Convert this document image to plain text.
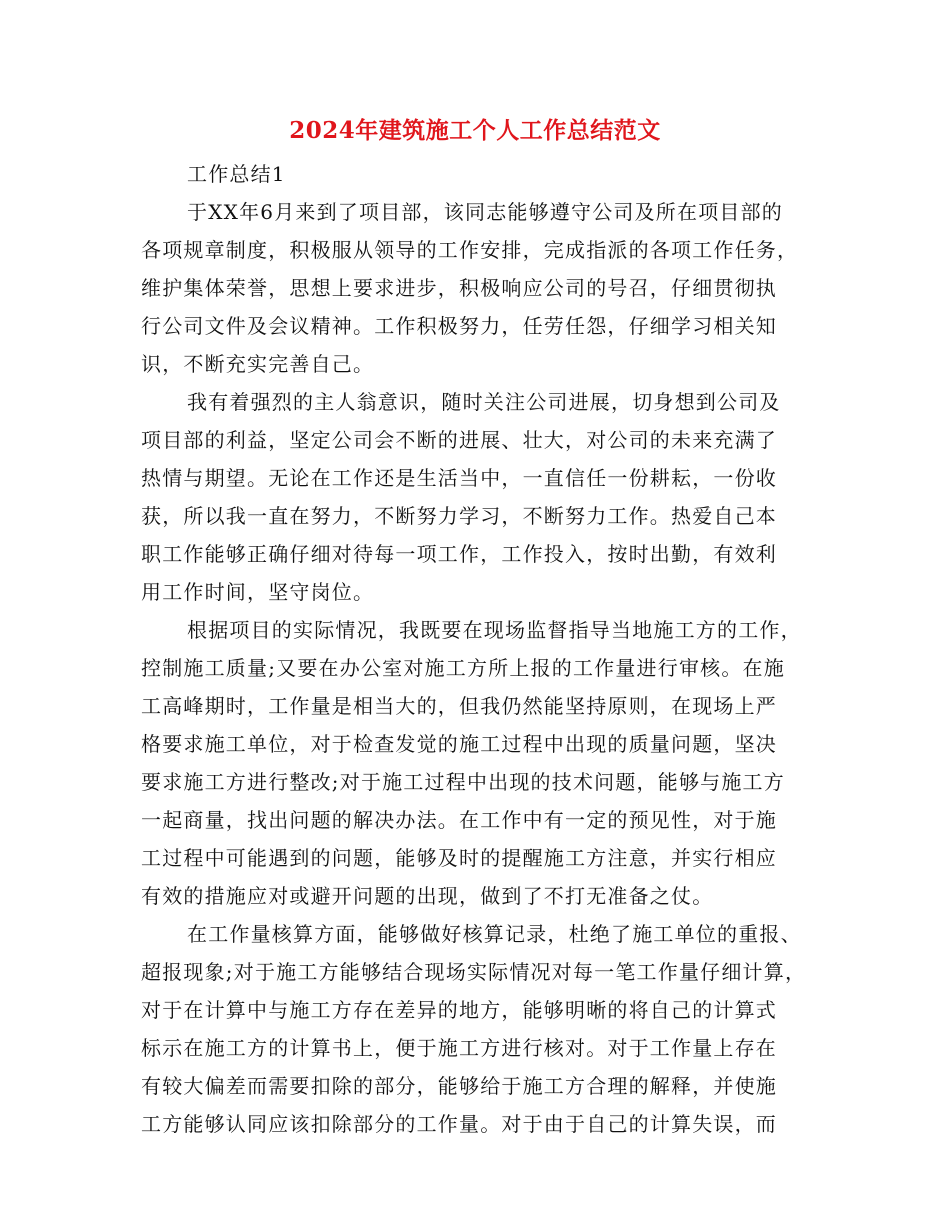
2024年建筑施工个人工作总结范文
工作总结1
于XX年6月来到了项目部，该同志能够遵守公司及所在项目部的
各项规章制度，积极服从领导的工作安排，完成指派的各项工作任务，
维护集体荣誉，思想上要求进步，积极响应公司的号召，仔细贯彻执
行公司文件及会议精神。工作积极努力，任劳任怨，仔细学习相关知
识，不断充实完善自己。
我有着强烈的主人翁意识，随时关注公司进展，切身想到公司及
项目部的利益，坚定公司会不断的进展、壮大，对公司的未来充满了
热情与期望。无论在工作还是生活当中，一直信任一份耕耘，一份收
获，所以我一直在努力，不断努力学习，不断努力工作。热爱自己本
职工作能够正确仔细对待每一项工作，工作投入，按时出勤，有效利
用工作时间，坚守岗位。
根据项目的实际情况，我既要在现场监督指导当地施工方的工作，
控制施工质量;又要在办公室对施工方所上报的工作量进行审核。在施
工高峰期时，工作量是相当大的，但我仍然能坚持原则，在现场上严
格要求施工单位，对于检查发觉的施工过程中出现的质量问题，坚决
要求施工方进行整改;对于施工过程中出现的技术问题，能够与施工方
一起商量，找出问题的解决办法。在工作中有一定的预见性，对于施
工过程中可能遇到的问题，能够及时的提醒施工方注意，并实行相应
有效的措施应对或避开问题的出现，做到了不打无准备之仗。
在工作量核算方面，能够做好核算记录，杜绝了施工单位的重报、
超报现象;对于施工方能够结合现场实际情况对每一笔工作量仔细计算，
对于在计算中与施工方存在差异的地方，能够明晰的将自己的计算式
标示在施工方的计算书上，便于施工方进行核对。对于工作量上存在
有较大偏差而需要扣除的部分，能够给于施工方合理的解释，并使施
工方能够认同应该扣除部分的工作量。对于由于自己的计算失误，而
